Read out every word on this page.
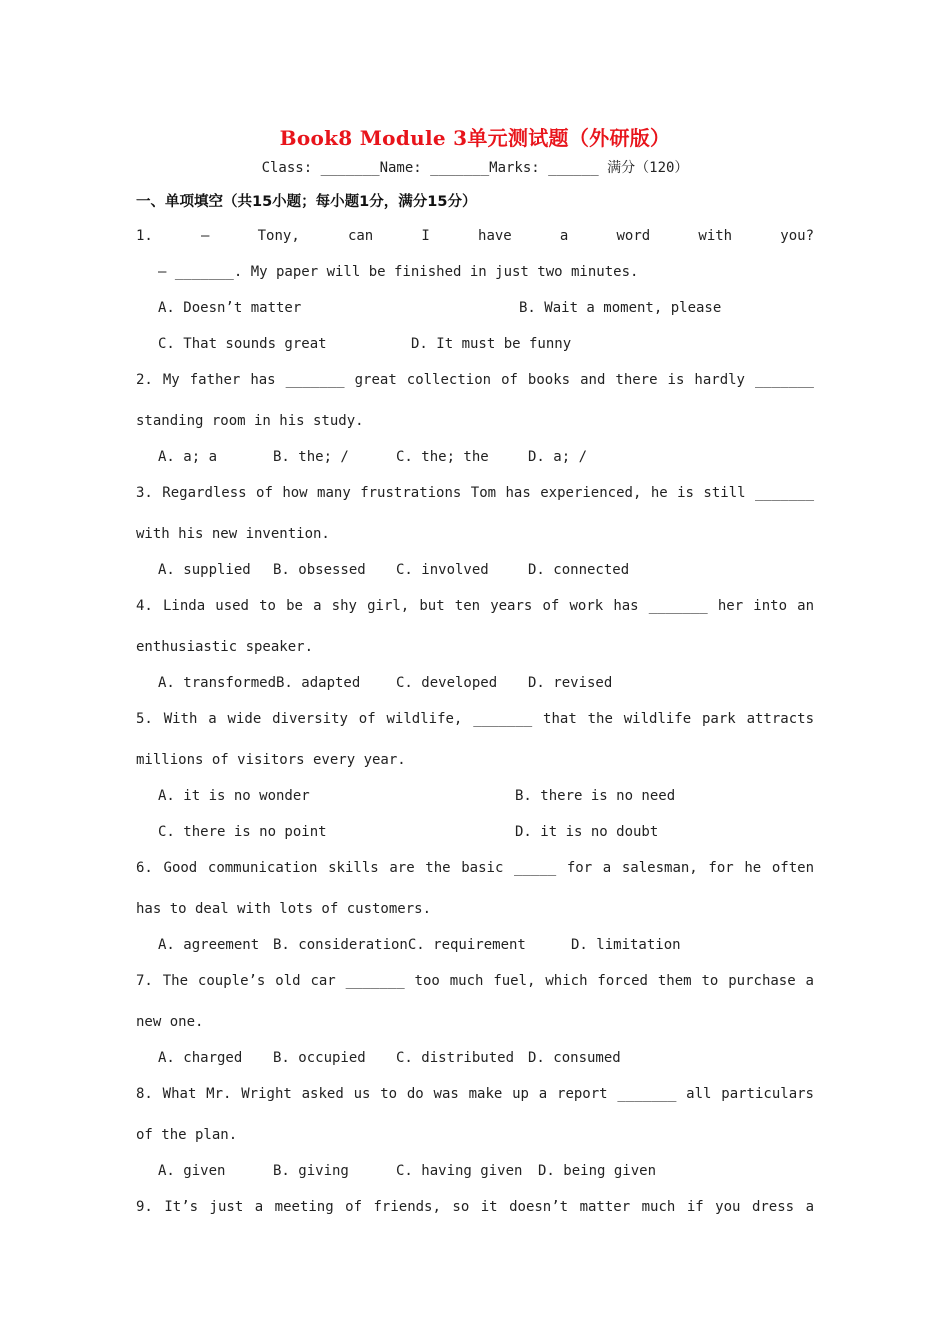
Book8 Module 3单元测试题（外研版）
Class: _______Name: _______Marks: ______ 满分（120）
一、单项填空（共15小题；每小题1分，满分15分）
1. — Tony, can I have a word with you?
— _______. My paper will be finished in just two minutes.
A. Doesn’t matter	B. Wait a moment, please
C. That sounds great	D. It must be funny
2. My father has _______ great collection of books and there is hardly _______
standing room in his study.
A. a; a	B. the; /	C. the; the	D. a; /
3. Regardless of how many frustrations Tom has experienced, he is still _______
with his new invention.
A. supplied B. obsessed C. involved	D. connected
4. Linda used to be a shy girl, but ten years of work has _______ her into an
enthusiastic speaker.
A. transformedB. adapted	C. developed D. revised
5. With a wide diversity of wildlife, _______ that the wildlife park attracts
millions of visitors every year.
A. it is no wonder	B. there is no need
C. there is no point	D. it is no doubt
6. Good communication skills are the basic _____ for a salesman, for he often
has to deal with lots of customers.
A. agreement B. considerationC. requirement	D. limitation
7. The couple’s old car _______ too much fuel, which forced them to purchase a
new one.
A. charged B. occupied C. distributed D. consumed
8. What Mr. Wright asked us to do was make up a report _______ all particulars
of the plan.
A. given	B. giving	C. having given D. being given
9. It’s just a meeting of friends, so it doesn’t matter much if you dress a
